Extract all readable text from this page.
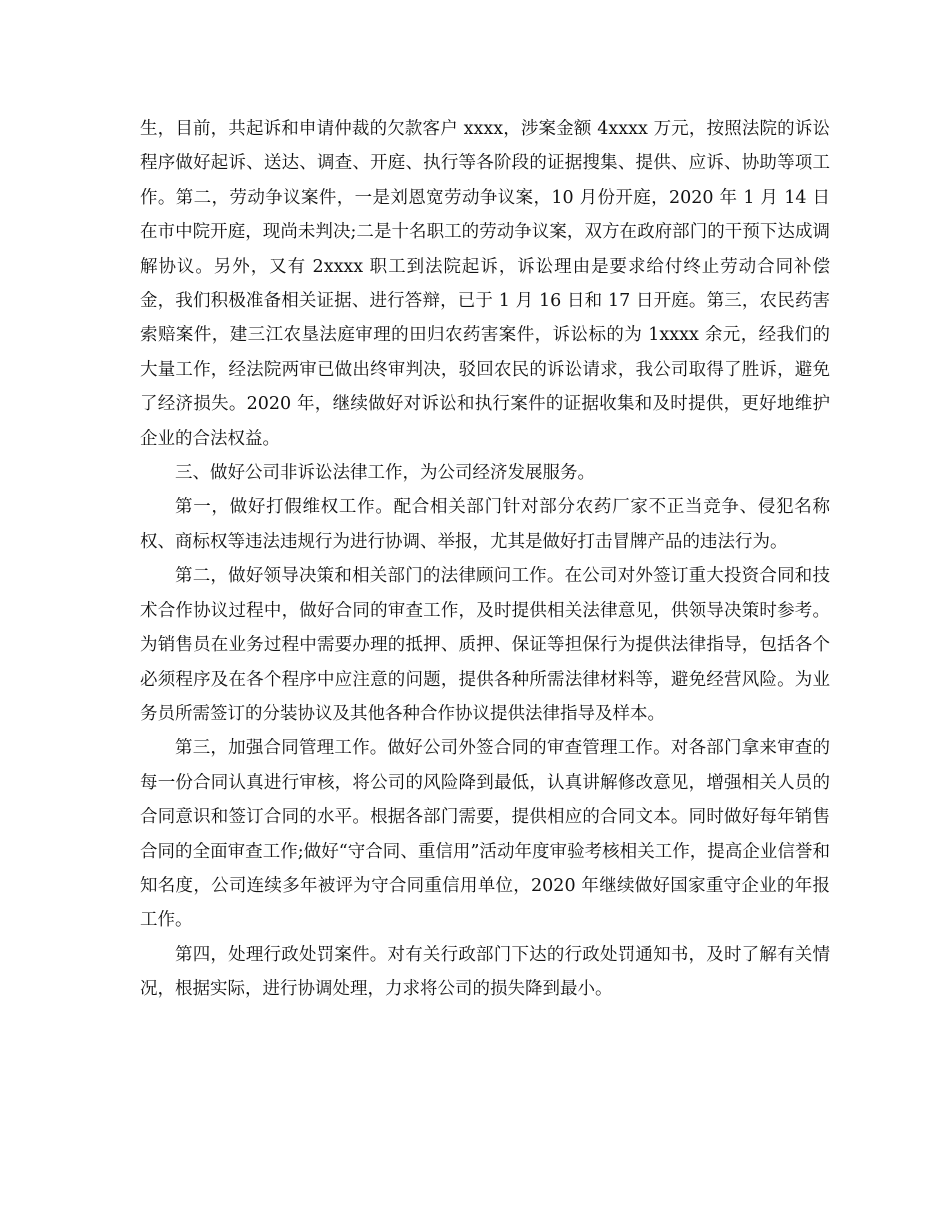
生，目前，共起诉和申请仲裁的欠款客户 xxxx，涉案金额 4xxxx 万元，按照法院的诉讼程序做好起诉、送达、调查、开庭、执行等各阶段的证据搜集、提供、应诉、协助等项工作。第二，劳动争议案件，一是刘恩宽劳动争议案，10 月份开庭，2020 年 1 月 14 日在市中院开庭，现尚未判决;二是十名职工的劳动争议案，双方在政府部门的干预下达成调解协议。另外，又有 2xxxx 职工到法院起诉，诉讼理由是要求给付终止劳动合同补偿金，我们积极准备相关证据、进行答辩，已于 1 月 16 日和 17 日开庭。第三，农民药害索赔案件，建三江农垦法庭审理的田归农药害案件，诉讼标的为 1xxxx 余元，经我们的大量工作，经法院两审已做出终审判决，驳回农民的诉讼请求，我公司取得了胜诉，避免了经济损失。2020 年，继续做好对诉讼和执行案件的证据收集和及时提供，更好地维护企业的合法权益。

三、做好公司非诉讼法律工作，为公司经济发展服务。

第一，做好打假维权工作。配合相关部门针对部分农药厂家不正当竞争、侵犯名称权、商标权等违法违规行为进行协调、举报，尤其是做好打击冒牌产品的违法行为。

第二，做好领导决策和相关部门的法律顾问工作。在公司对外签订重大投资合同和技术合作协议过程中，做好合同的审查工作，及时提供相关法律意见，供领导决策时参考。为销售员在业务过程中需要办理的抵押、质押、保证等担保行为提供法律指导，包括各个必须程序及在各个程序中应注意的问题，提供各种所需法律材料等，避免经营风险。为业务员所需签订的分装协议及其他各种合作协议提供法律指导及样本。

第三，加强合同管理工作。做好公司外签合同的审查管理工作。对各部门拿来审查的每一份合同认真进行审核，将公司的风险降到最低，认真讲解修改意见，增强相关人员的合同意识和签订合同的水平。根据各部门需要，提供相应的合同文本。同时做好每年销售合同的全面审查工作;做好“守合同、重信用”活动年度审验考核相关工作，提高企业信誉和知名度，公司连续多年被评为守合同重信用单位，2020 年继续做好国家重守企业的年报工作。

第四，处理行政处罚案件。对有关行政部门下达的行政处罚通知书，及时了解有关情况，根据实际，进行协调处理，力求将公司的损失降到最小。
